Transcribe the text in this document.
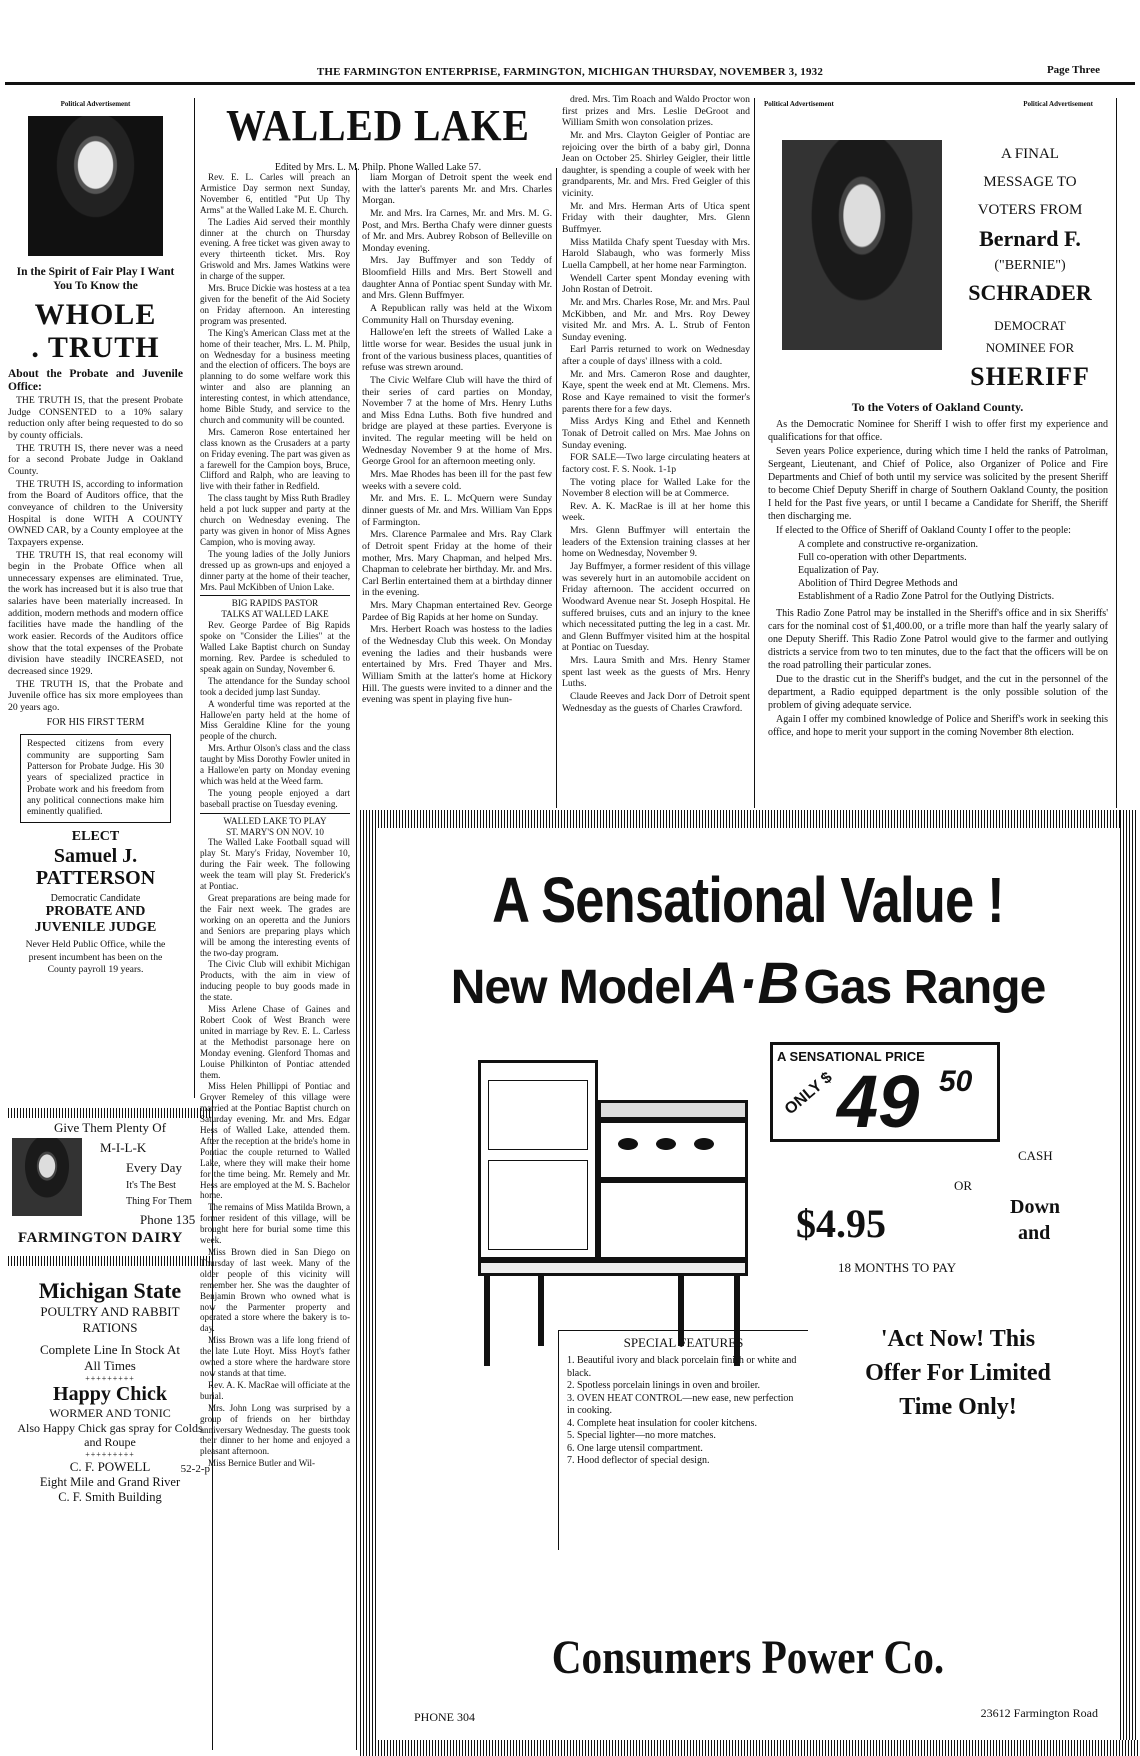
THE FARMINGTON ENTERPRISE, FARMINGTON, MICHIGAN THURSDAY, NOVEMBER 3, 1932	Page Three
Political Advertisement
In the Spirit of Fair Play I Want You To Know the
WHOLE
. TRUTH
About the Probate and Juvenile Office:

THE TRUTH IS, that the present Probate Judge CONSENTED to a 10% salary reduction only after being requested to do so by county officials.

THE TRUTH IS, there never was a need for a second Probate Judge in Oakland County.

THE TRUTH IS, according to information from the Board of Auditors office, that the conveyance of children to the University Hospital is done WITH A COUNTY OWNED CAR, by a County employee at the Taxpayers expense.

THE TRUTH IS, that real economy will begin in the Probate Office when all unnecessary expenses are eliminated. True, the work has increased but it is also true that salaries have been materially increased. In addition, modern methods and modern office facilities have made the handling of the work easier. Records of the Auditors office show that the total expenses of the Probate division have steadily INCREASED, not decreased since 1929.

THE TRUTH IS, that the Probate and Juvenile office has six more employees than 20 years ago.

FOR HIS FIRST TERM
Respected citizens from every community are supporting Sam Patterson for Probate Judge. His 30 years of specialized practice in Probate work and his freedom from any political connections make him eminently qualified.
ELECT
Samuel J.
PATTERSON
Democratic Candidate
PROBATE AND
JUVENILE JUDGE
Never Held Public Office, while the present incumbent has been on the County payroll 19 years.
Give Them Plenty Of
M-I-L-K
Every Day
It's The Best
Thing For Them
Phone 135
FARMINGTON DAIRY
Michigan State
POULTRY AND RABBIT
RATIONS
Complete Line In Stock At
All Times
+++++++++
Happy Chick
WORMER AND TONIC
Also Happy Chick gas spray for Colds and Roupe
+++++++++
C. F. POWELL
Eight Mile and Grand River
C. F. Smith Building
52-2-p
WALLED LAKE
Edited by Mrs. L. M. Philp. Phone Walled Lake 57.

Rev. E. L. Carles will preach an Armistice Day sermon next Sunday, November 6, entitled "Put Up Thy Arms" at the Walled Lake M. E. Church.

The Ladies Aid served their monthly dinner at the church on Thursday evening. A free ticket was given away to every thirteenth ticket. Mrs. Roy Griswold and Mrs. James Watkins were in charge of the supper.

Mrs. Bruce Dickie was hostess at a tea given for the benefit of the Aid Society on Friday afternoon. An interesting program was presented.

The King's American Class met at the home of their teacher, Mrs. L. M. Philp, on Wednesday for a business meeting and the election of officers. The boys are planning to do some welfare work this winter and also are planning an interesting contest, in which attendance, home Bible Study, and service to the church and community will be counted.

Mrs. Cameron Rose entertained her class known as the Crusaders at a party on Friday evening. The part was given as a farewell for the Campion boys, Bruce, Clifford and Ralph, who are leaving to live with their father in Redfield.

The class taught by Miss Ruth Bradley held a pot luck supper and party at the church on Wednesday evening. The party was given in honor of Miss Agnes Campion, who is moving away.

The young ladies of the Jolly Juniors dressed up as grown-ups and enjoyed a dinner party at the home of their teacher, Mrs. Paul McKibben of Union Lake.

BIG RAPIDS PASTOR
TALKS AT WALLED LAKE

Rev. George Pardee of Big Rapids spoke on "Consider the Lilies" at the Walled Lake Baptist church on Sunday morning. Rev. Pardee is scheduled to speak again on Sunday, November 6.

The attendance for the Sunday school took a decided jump last Sunday.

A wonderful time was reported at the Hallowe'en party held at the home of Miss Geraldine Kline for the young people of the church.

Mrs. Arthur Olson's class and the class taught by Miss Dorothy Fowler united in a Hallowe'en party on Monday evening which was held at the Weed farm.

The young people enjoyed a dart baseball practise on Tuesday evening.

WALLED LAKE TO PLAY
ST. MARY'S ON NOV. 10

The Walled Lake Football squad will play St. Mary's Friday, November 10, during the Fair week. The following week the team will play St. Frederick's at Pontiac.

Great preparations are being made for the Fair next week. The grades are working on an operetta and the Juniors and Seniors are preparing plays which will be among the interesting events of the two-day program.

The Civic Club will exhibit Michigan Products, with the aim in view of inducing people to buy goods made in the state.

Miss Arlene Chase of Gaines and Robert Cook of West Branch were united in marriage by Rev. E. L. Carless at the Methodist parsonage here on Monday evening. Glenford Thomas and Louise Philkinton of Pontiac attended them.

Miss Helen Phillippi of Pontiac and Grover Remeley of this village were married at the Pontiac Baptist church on Saturday evening. Mr. and Mrs. Edgar Hess of Walled Lake, attended them. After the reception at the bride's home in Pontiac the couple returned to Walled Lake, where they will make their home for the time being. Mr. Remely and Mr. Hess are employed at the M. S. Bachelor home.

The remains of Miss Matilda Brown, a former resident of this village, will be brought here for burial some time this week.

Miss Brown died in San Diego on Thursday of last week. Many of the older people of this vicinity will remember her. She was the daughter of Benjamin Brown who owned what is now the Parmenter property and operated a store where the bakery is to-day.

Miss Brown was a life long friend of the late Lute Hoyt. Miss Hoyt's father owned a store where the hardware store now stands at that time.

Rev. A. K. MacRae will officiate at the burial.

Mrs. John Long was surprised by a group of friends on her birthday anniversary Wednesday. The guests took their dinner to her home and enjoyed a pleasant afternoon.

Miss Bernice Butler and Wil-

liam Morgan of Detroit spent the week end with the latter's parents Mr. and Mrs. Charles Morgan.

Mr. and Mrs. Ira Carnes, Mr. and Mrs. M. G. Post, and Mrs. Bertha Chafy were dinner guests of Mr. and Mrs. Aubrey Robson of Belleville on Monday evening.

Mrs. Jay Buffmyer and son Teddy of Bloomfield Hills and Mrs. Bert Stowell and daughter Anna of Pontiac spent Sunday with Mr. and Mrs. Glenn Buffmyer.

A Republican rally was held at the Wixom Community Hall on Thursday evening.

Hallowe'en left the streets of Walled Lake a little worse for wear. Besides the usual junk in front of the various business places, quantities of refuse was strewn around.

The Civic Welfare Club will have the third of their series of card parties on Monday, November 7 at the home of Mrs. Henry Luths and Miss Edna Luths. Both five hundred and bridge are played at these parties. Everyone is invited. The regular meeting will be held on Wednesday November 9 at the home of Mrs. George Grool for an afternoon meeting only.

Mrs. Mae Rhodes has been ill for the past few weeks with a severe cold.

Mr. and Mrs. E. L. McQuern were Sunday dinner guests of Mr. and Mrs. William Van Epps of Farmington.

Mrs. Clarence Parmalee and Mrs. Ray Clark of Detroit spent Friday at the home of their mother, Mrs. Mary Chapman, and helped Mrs. Chapman to celebrate her birthday. Mr. and Mrs. Carl Berlin entertained them at a birthday dinner in the evening.

Mrs. Mary Chapman entertained Rev. George Pardee of Big Rapids at her home on Sunday.

Mrs. Herbert Roach was hostess to the ladies of the Wednesday Club this week. On Monday evening the ladies and their husbands were entertained by Mrs. Fred Thayer and Mrs. William Smith at the latter's home at Hickory Hill. The guests were invited to a dinner and the evening was spent in playing five hun-

dred. Mrs. Tim Roach and Waldo Proctor won first prizes and Mrs. Leslie DeGroot and William Smith won consolation prizes.

Mr. and Mrs. Clayton Geigler of Pontiac are rejoicing over the birth of a baby girl, Donna Jean on October 25. Shirley Geigler, their little daughter, is spending a couple of week with her grandparents, Mr. and Mrs. Fred Geigler of this vicinity.

Mr. and Mrs. Herman Arts of Utica spent Friday with their daughter, Mrs. Glenn Buffmyer.

Miss Matilda Chafy spent Tuesday with Mrs. Harold Slabaugh, who was formerly Miss Luella Campbell, at her home near Farmington.

Wendell Carter spent Monday evening with John Rostan of Detroit.

Mr. and Mrs. Charles Rose, Mr. and Mrs. Paul McKibben, and Mr. and Mrs. Roy Dewey visited Mr. and Mrs. A. L. Strub of Fenton Sunday evening.

Earl Parris returned to work on Wednesday after a couple of days' illness with a cold.

Mr. and Mrs. Cameron Rose and daughter, Kaye, spent the week end at Mt. Clemens. Mrs. Rose and Kaye remained to visit the former's parents there for a few days.

Miss Ardys King and Ethel and Kenneth Tonak of Detroit called on Mrs. Mae Johns on Sunday evening.

FOR SALE—Two large circulating heaters at factory cost. F. S. Nook. 1-1p

The voting place for Walled Lake for the November 8 election will be at Commerce.

Rev. A. K. MacRae is ill at her home this week.

Mrs. Glenn Buffmyer will entertain the leaders of the Extension training classes at her home on Wednesday, November 9.

Jay Buffmyer, a former resident of this village was severely hurt in an automobile accident on Friday afternoon. The accident occurred on Woodward Avenue near St. Joseph Hospital. He suffered bruises, cuts and an injury to the knee which necessitated putting the leg in a cast. Mr. and Glenn Buffmyer visited him at the hospital at Pontiac on Tuesday.

Mrs. Laura Smith and Mrs. Henry Stamer spent last week as the guests of Mrs. Henry Luths.

Claude Reeves and Jack Dorr of Detroit spent Wednesday as the guests of Charles Crawford.

Political Advertisement	Political Advertisement
A FINAL
MESSAGE TO
VOTERS FROM
Bernard F.
("BERNIE")
SCHRADER
DEMOCRAT
NOMINEE FOR
SHERIFF
To the Voters of Oakland County.

As the Democratic Nominee for Sheriff I wish to offer first my experience and qualifications for that office.

Seven years Police experience, during which time I held the ranks of Patrolman, Sergeant, Lieutenant, and Chief of Police, also Organizer of Police and Fire Departments and Chief of both until my service was solicited by the present Sheriff to become Chief Deputy Sheriff in charge of Southern Oakland County, the position I held for the Past five years, or until I became a Candidate for Sheriff, the Sheriff then discharging me.

If elected to the Office of Sheriff of Oakland County I offer to the people:

A complete and constructive re-organization.
Full co-operation with other Departments.
Equalization of Pay.
Abolition of Third Degree Methods and
Establishment of a Radio Zone Patrol for the Outlying Districts.

This Radio Zone Patrol may be installed in the Sheriff's office and in six Sheriffs' cars for the nominal cost of $1,400.00, or a trifle more than half the yearly salary of one Deputy Sheriff. This Radio Zone Patrol would give to the farmer and outlying districts a service from two to ten minutes, due to the fact that the officers will be on the road patrolling their particular zones.

Due to the drastic cut in the Sheriff's budget, and the cut in the personnel of the department, a Radio equipped department is the only possible solution of the problem of giving adequate service.

Again I offer my combined knowledge of Police and Sheriff's work in seeking this office, and hope to merit your support in the coming November 8th election.

A Sensational Value !
New Model A·B Gas Range
A SENSATIONAL PRICE
ONLY $ 49 50
CASH
OR
$4.95	Down
and
18 MONTHS TO PAY
SPECIAL FEATURES
1. Beautiful ivory and black porcelain finish or white and black.
2. Spotless porcelain linings in oven and broiler.
3. OVEN HEAT CONTROL—new ease, new perfection in cooking.
4. Complete heat insulation for cooler kitchens.
5. Special lighter—no more matches.
6. One large utensil compartment.
7. Hood deflector of special design.
'Act Now! This
Offer For Limited
Time Only!
Consumers Power Co.
PHONE 304	23612 Farmington Road
